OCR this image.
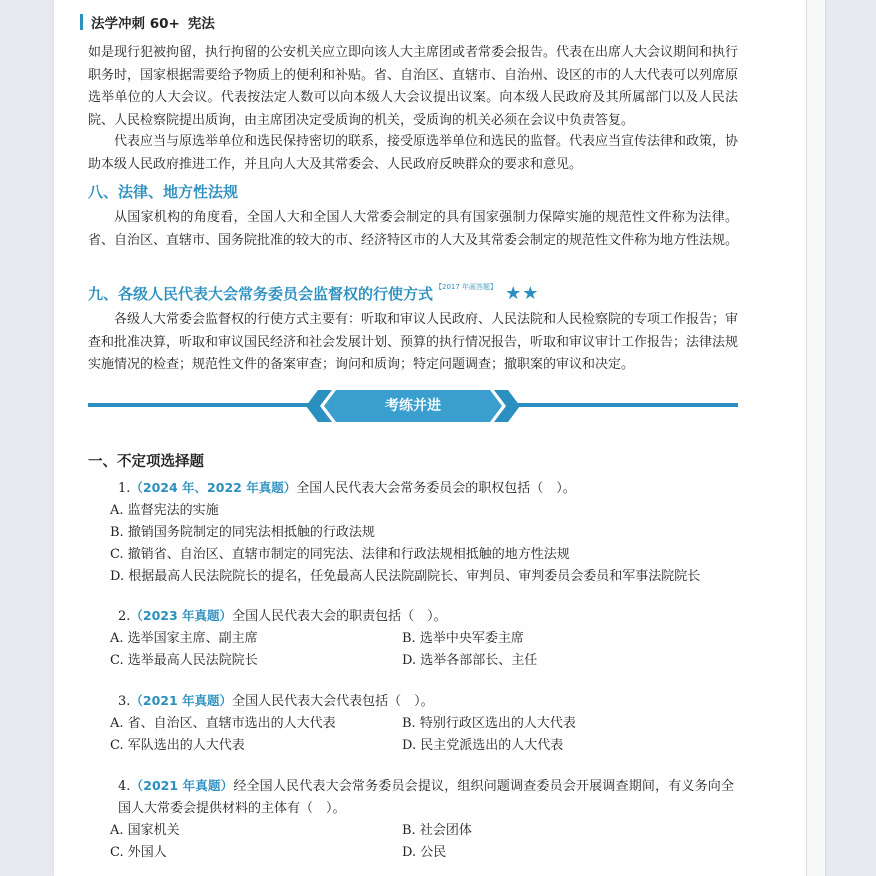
法学冲刺 60+ 宪法

如是现行犯被拘留，执行拘留的公安机关应立即向该人大主席团或者常委会报告。代表在出席人大会议期间和执行职务时，国家根据需要给予物质上的便利和补贴。省、自治区、直辖市、自治州、设区的市的人大代表可以列席原选举单位的人大会议。代表按法定人数可以向本级人大会议提出议案。向本级人民政府及其所属部门以及人民法院、人民检察院提出质询，由主席团决定受质询的机关，受质询的机关必须在会议中负责答复。

代表应当与原选举单位和选民保持密切的联系，接受原选举单位和选民的监督。代表应当宣传法律和政策，协助本级人民政府推进工作，并且向人大及其常委会、人民政府反映群众的要求和意见。

八、法律、地方性法规

从国家机构的角度看，全国人大和全国人大常委会制定的具有国家强制力保障实施的规范性文件称为法律。省、自治区、直辖市、国务院批准的较大的市、经济特区市的人大及其常委会制定的规范性文件称为地方性法规。

九、各级人民代表大会常务委员会监督权的行使方式 【2017 年画答题】 ★★

各级人大常委会监督权的行使方式主要有：听取和审议人民政府、人民法院和人民检察院的专项工作报告；审查和批准决算，听取和审议国民经济和社会发展计划、预算的执行情况报告，听取和审议审计工作报告；法律法规实施情况的检查；规范性文件的备案审查；询问和质询；特定问题调查；撤职案的审议和决定。

考练并进
一、不定项选择题
1.（2024 年、2022 年真题）全国人民代表大会常务委员会的职权包括（　）。
A. 监督宪法的实施
B. 撤销国务院制定的同宪法相抵触的行政法规
C. 撤销省、自治区、直辖市制定的同宪法、法律和行政法规相抵触的地方性法规
D. 根据最高人民法院院长的提名，任免最高人民法院副院长、审判员、审判委员会委员和军事法院院长
2.（2023 年真题）全国人民代表大会的职责包括（　）。
A. 选举国家主席、副主席	B. 选举中央军委主席
C. 选举最高人民法院院长	D. 选举各部部长、主任
3.（2021 年真题）全国人民代表大会代表包括（　）。
A. 省、自治区、直辖市选出的人大代表	B. 特别行政区选出的人大代表
C. 军队选出的人大代表	D. 民主党派选出的人大代表
4.（2021 年真题）经全国人民代表大会常务委员会提议，组织问题调查委员会开展调查期间，有义务向全国人大常委会提供材料的主体有（　）。
A. 国家机关	B. 社会团体
C. 外国人	D. 公民
